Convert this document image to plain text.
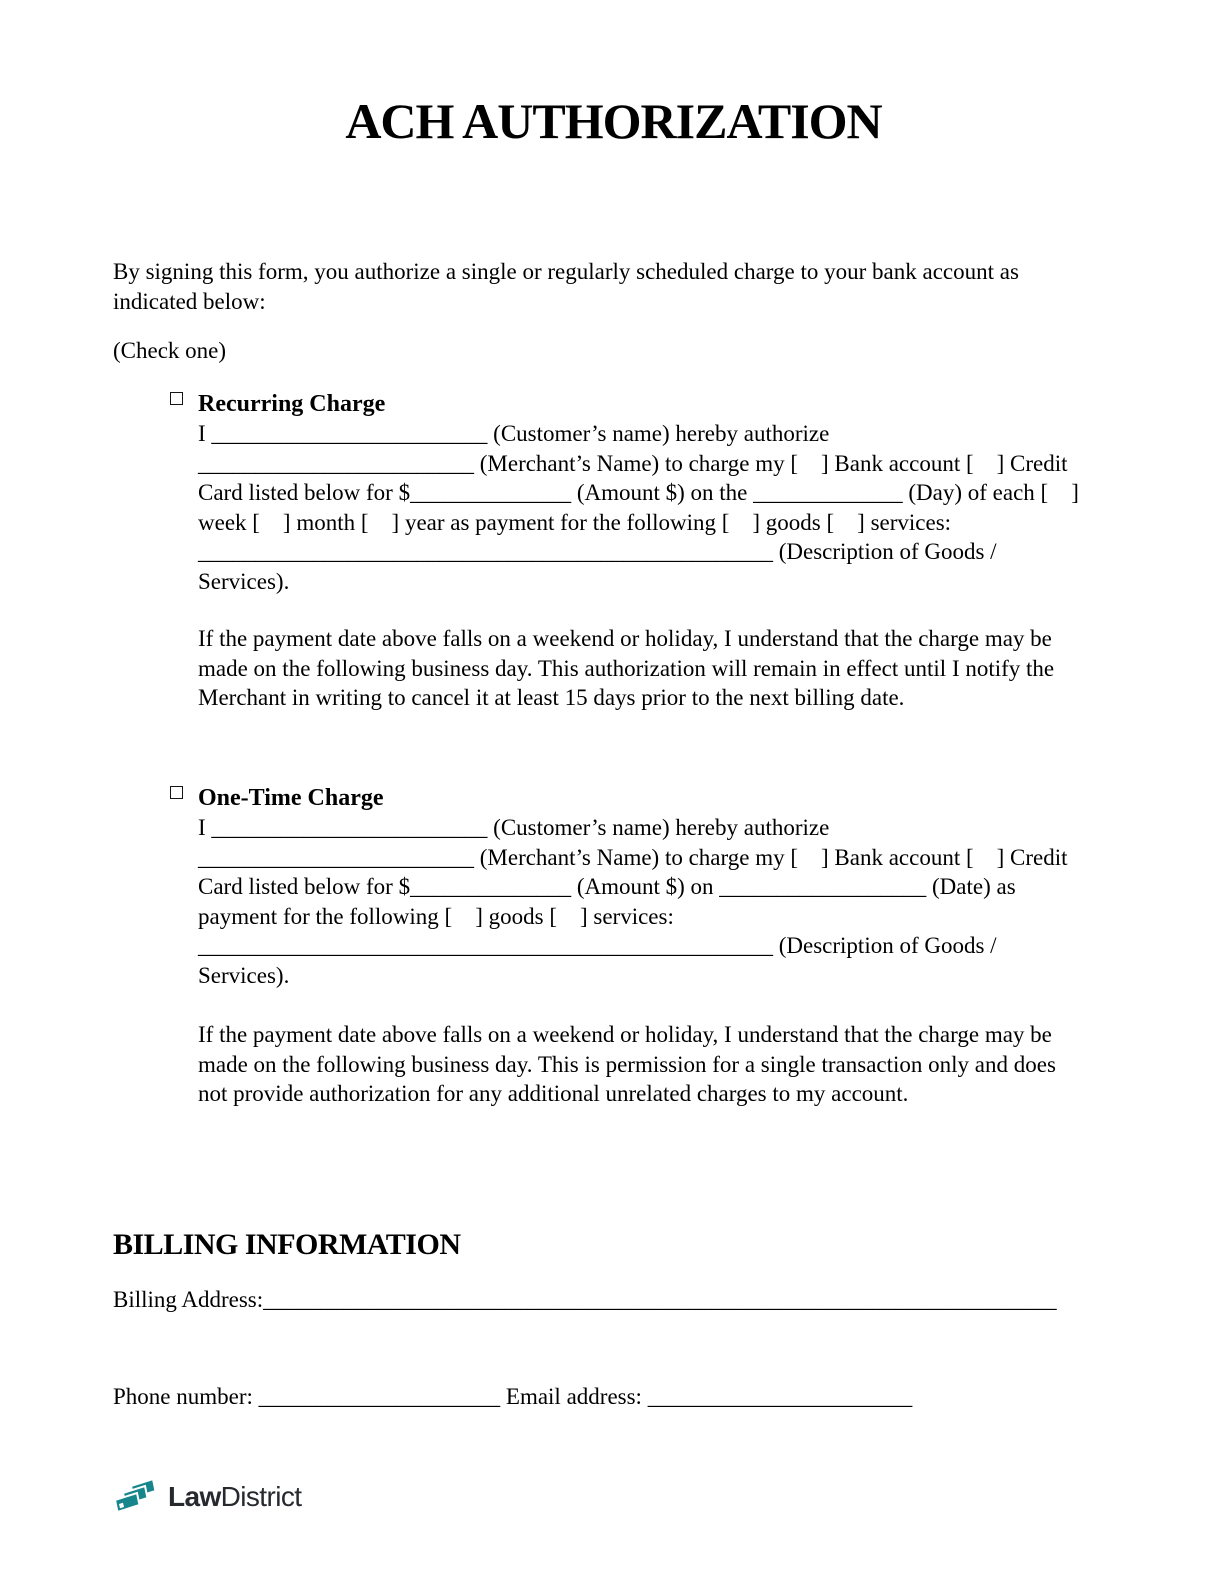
ACH AUTHORIZATION
By signing this form, you authorize a single or regularly scheduled charge to your bank account as
indicated below:
(Check one)
Recurring Charge
I ________________________ (Customer’s name) hereby authorize
________________________ (Merchant’s Name) to charge my [    ] Bank account [    ] Credit
Card listed below for $______________ (Amount $) on the _____________ (Day) of each [    ]
week [    ] month [    ] year as payment for the following [    ] goods [    ] services:
__________________________________________________ (Description of Goods /
Services).
If the payment date above falls on a weekend or holiday, I understand that the charge may be
made on the following business day. This authorization will remain in effect until I notify the
Merchant in writing to cancel it at least 15 days prior to the next billing date.
One-Time Charge
I ________________________ (Customer’s name) hereby authorize
________________________ (Merchant’s Name) to charge my [    ] Bank account [    ] Credit
Card listed below for $______________ (Amount $) on __________________ (Date) as
payment for the following [    ] goods [    ] services:
__________________________________________________ (Description of Goods /
Services).
If the payment date above falls on a weekend or holiday, I understand that the charge may be
made on the following business day. This is permission for a single transaction only and does
not provide authorization for any additional unrelated charges to my account.
BILLING INFORMATION
Billing Address:_____________________________________________________________________
Phone number: _____________________ Email address: _______________________
LawDistrict
